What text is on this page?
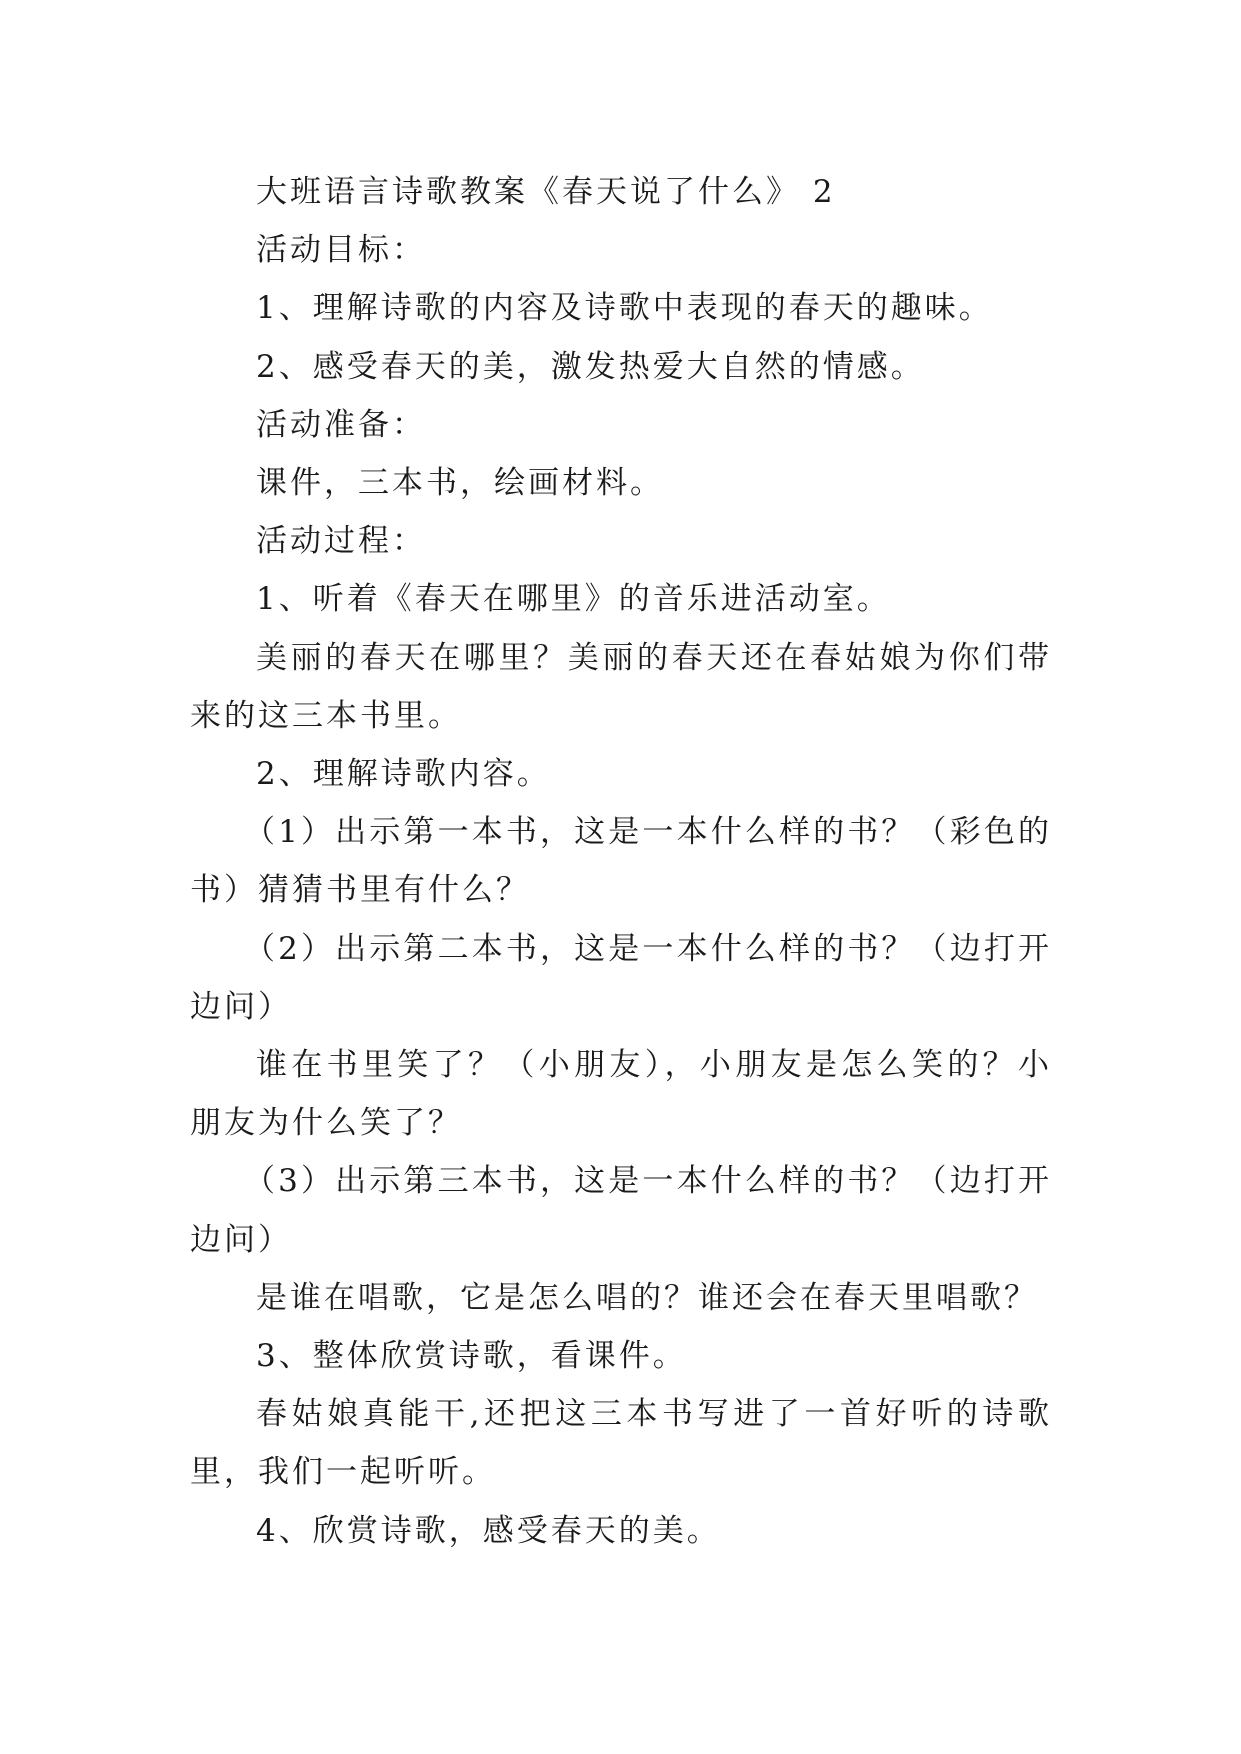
大班语言诗歌教案《春天说了什么》 2

活动目标：

1、理解诗歌的内容及诗歌中表现的春天的趣味。

2、感受春天的美，激发热爱大自然的情感。

活动准备：

课件，三本书，绘画材料。

活动过程：

1、听着《春天在哪里》的音乐进活动室。

美丽的春天在哪里？美丽的春天还在春姑娘为你们带来的这三本书里。

2、理解诗歌内容。

（1）出示第一本书，这是一本什么样的书？（彩色的书）猜猜书里有什么？

（2）出示第二本书，这是一本什么样的书？（边打开边问）

谁在书里笑了？（小朋友），小朋友是怎么笑的？小朋友为什么笑了？

（3）出示第三本书，这是一本什么样的书？（边打开边问）

是谁在唱歌，它是怎么唱的？谁还会在春天里唱歌？

3、整体欣赏诗歌，看课件。

春姑娘真能干,还把这三本书写进了一首好听的诗歌里，我们一起听听。

4、欣赏诗歌，感受春天的美。
